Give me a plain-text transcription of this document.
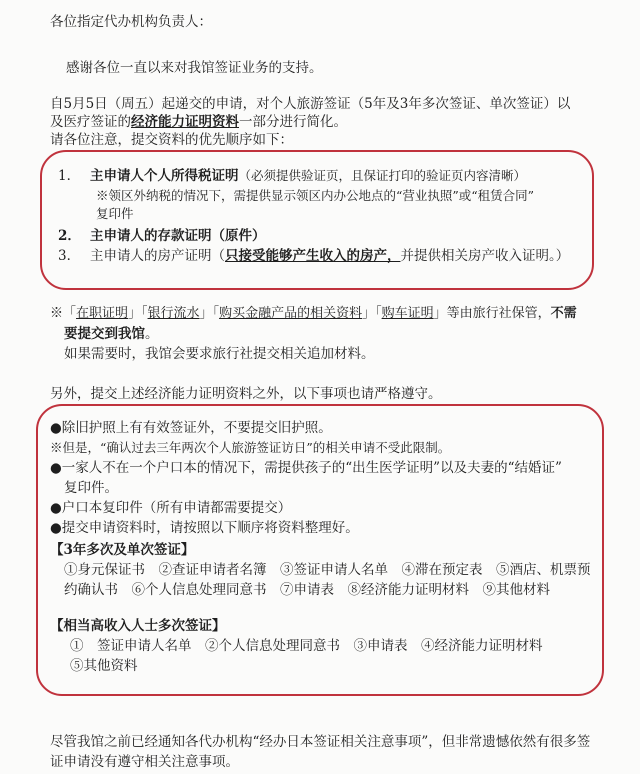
各位指定代办机构负责人：
感谢各位一直以来对我馆签证业务的支持。
自5月5日（周五）起递交的申请，对个人旅游签证（5年及3年多次签证、单次签证）以
及医疗签证的经济能力证明资料一部分进行简化。
请各位注意，提交资料的优先顺序如下：
1． 主申请人个人所得税证明（必须提供验证页，且保证打印的验证页内容清晰）
※领区外纳税的情况下，需提供显示领区内办公地点的“营业执照”或“租赁合同”
复印件
2． 主申请人的存款证明（原件）
3． 主申请人的房产证明（只接受能够产生收入的房产，并提供相关房产收入证明。）
※「在职证明」「银行流水」「购买金融产品的相关资料」「购车证明」等由旅行社保管，不需
要提交到我馆。
如果需要时，我馆会要求旅行社提交相关追加材料。
另外，提交上述经济能力证明资料之外，以下事项也请严格遵守。
●除旧护照上有有效签证外，不要提交旧护照。
※但是，“确认过去三年两次个人旅游签证访日”的相关申请不受此限制。
●一家人不在一个户口本的情况下，需提供孩子的“出生医学证明”以及夫妻的“结婚证”
复印件。
●户口本复印件（所有申请都需要提交）
●提交申请资料时，请按照以下顺序将资料整理好。
【3年多次及单次签证】
①身元保证书　②查证申请者名簿　③签证申请人名单　④滞在预定表　⑤酒店、机票预
约确认书　⑥个人信息处理同意书　⑦申请表　⑧经济能力证明材料　⑨其他材料
【相当高收入人士多次签证】
①　签证申请人名单　②个人信息处理同意书　③申请表　④经济能力证明材料
⑤其他资料
尽管我馆之前已经通知各代办机构“经办日本签证相关注意事项”，但非常遗憾依然有很多签
证申请没有遵守相关注意事项。
